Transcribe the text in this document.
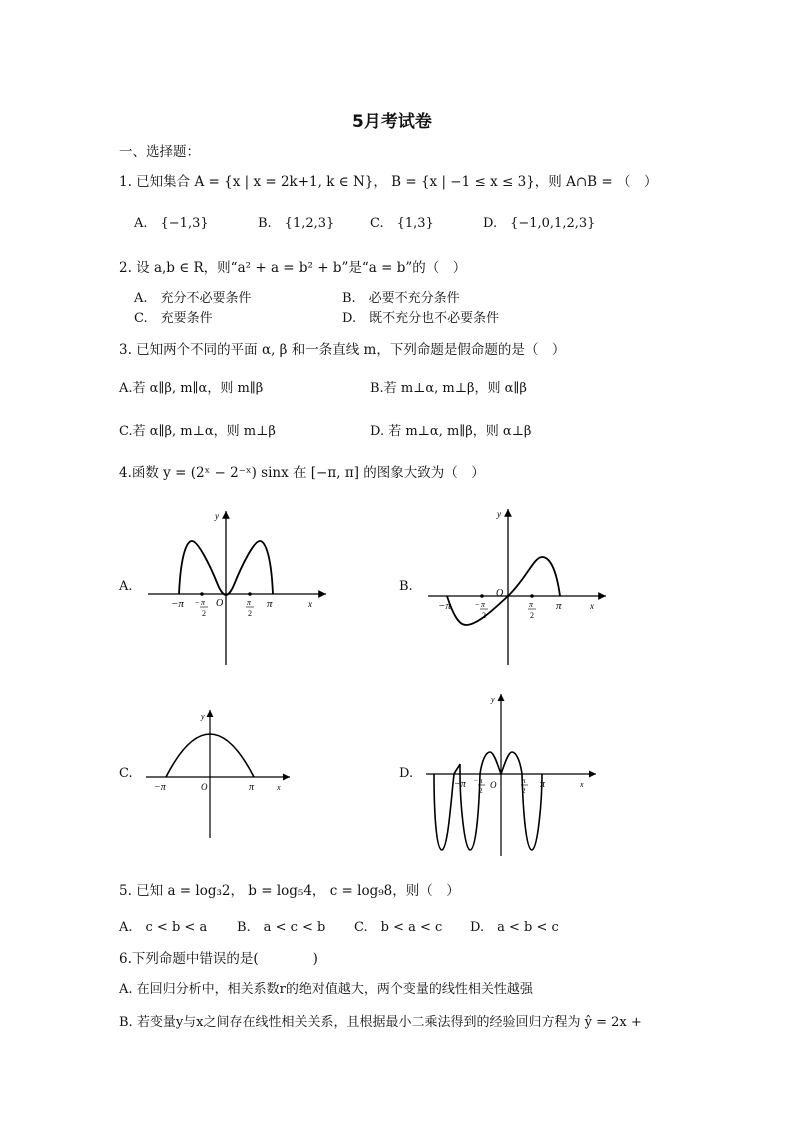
5月考试卷
一、选择题：
1. 已知集合 A = {x | x = 2k+1, k ∈ N}， B = {x | −1 ≤ x ≤ 3}，则 A∩B = （　）
A.　{−1,3}	B.　{1,2,3}	C.　{1,3}	D.　{−1,0,1,2,3}
2. 设 a,b ∈ R，则“a² + a = b² + b”是“a = b”的（　）
A.　充分不必要条件	B.　必要不充分条件
C.　充要条件	D.　既不充分也不必要条件
3. 已知两个不同的平面 α, β 和一条直线 m，下列命题是假命题的是（　）
A.若 α∥β, m∥α，则 m∥β	B.若 m⊥α, m⊥β，则 α∥β
C.若 α∥β, m⊥α，则 m⊥β	D. 若 m⊥α, m∥β，则 α⊥β
4.函数 y = (2ˣ − 2⁻ˣ) sinx 在 [−π, π] 的图象大致为（　）
A.	B.
C.	D.
−π − π
2
O	π
2
π	x
y
−π	− π
2
O
π
2
π	x
y
−π	O	π	x
y
−π − π
2
O	π
2
π	x
y
5. 已知 a = log₃2， b = log₅4， c = log₉8，则（　）
A.　c < b < a B.　a < c < b C.　b < a < c D.　a < b < c
6.下列命题中错误的是(　　　　)
A. 在回归分析中，相关系数r的绝对值越大，两个变量的线性相关性越强
B. 若变量y与x之间存在线性相关关系，且根据最小二乘法得到的经验回归方程为 ŷ = 2x +
